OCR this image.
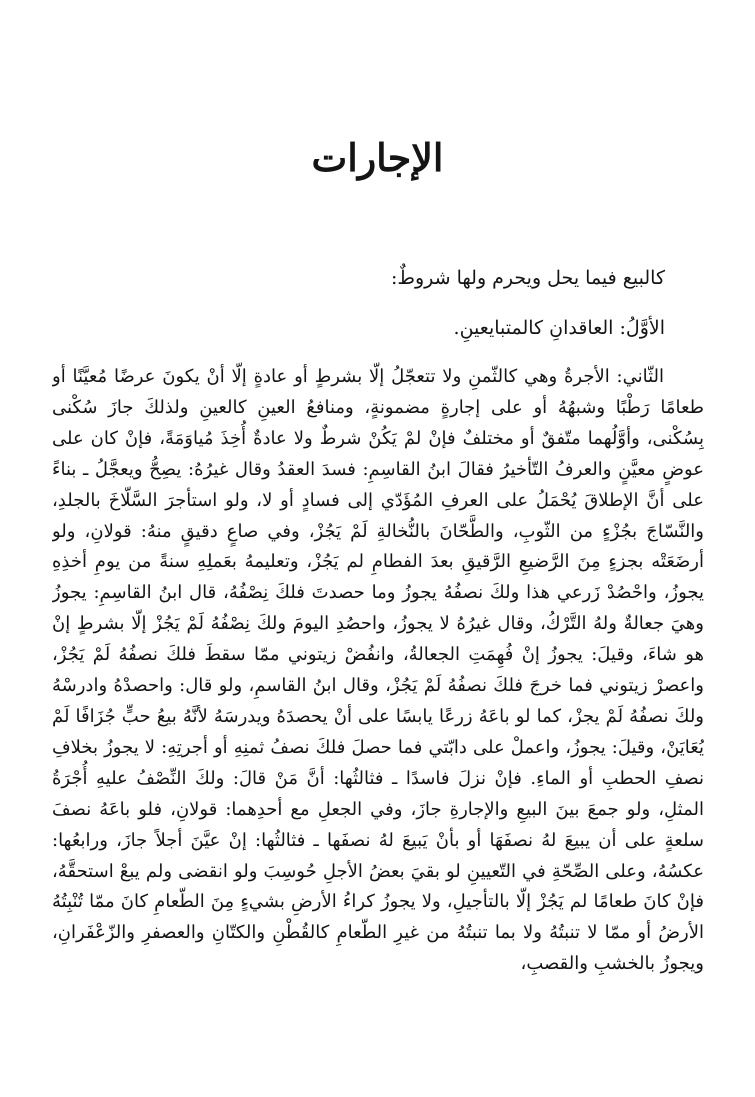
الإجارات

كالبيع فيما يحل ويحرم ولها شروطٌ:

الأوَّلُ: العاقدانِ كالمتبايعينِ.

الثّاني: الأجرةُ وهي كالثّمنِ ولا تتعجّلُ إلّا بشرطٍ أو عادةٍ إلّا أنْ يكونَ عرضًا مُعيَّنًا أو طعامًا رَطْبًا وشبهُهُ أو على إجارةٍ مضمونةٍ، ومنافعُ العينِ كالعينِ ولذلكَ جازَ سُكْنى بِسُكْنى، وأوَّلُهما متّفقٌ أو مختلفٌ فإنْ لمْ يَكُنْ شرطٌ ولا عادةٌ أُخِذَ مُياوَمَةً، فإنْ كان على عوضٍ معيَّنٍ والعرفُ التّأخيرُ فقالَ ابنُ القاسِمِ: فسدَ العقدُ وقال غيرُهُ: يصِحُّ ويعجَّلُ ـ بناءً على أنَّ الإطلاقَ يُحْمَلُ على العرفِ المُؤَدّي إلى فسادٍ أو لا، ولو استأجرَ السَّلّاخَ بالجلدِ، والنَّسّاجَ بجُزْءٍ من الثّوبِ، والطَّحّانَ بالنُّخالةِ لَمْ يَجُزْ، وفي صاعٍ دقيقٍ منهُ: قولانِ، ولو أرضَعَتْه بجزءٍ مِنَ الرَّضيعِ الرَّقيقِ بعدَ الفطامِ لم يَجُزْ، وتعليمهُ بعَملِهِ سنةً من يومِ أخذِهِ يجوزُ، واحْصُدْ زَرعي هذا ولكَ نصفُهُ يجوزُ وما حصدتَ فلكَ نِصْفُهُ، قال ابنُ القاسِمِ: يجوزُ وهيَ جعالةٌ ولهُ التَّرْكُ، وقال غيرُهُ لا يجوزُ، واحصُدِ اليومَ ولكَ نِصْفُهُ لَمْ يَجُزْ إلّا بشرطٍ إنْ هو شاءَ، وقيلَ: يجوزُ إنْ فُهِمَتِ الجعالةُ، وانفُضْ زيتوني ممّا سقطَ فلكَ نصفُهُ لَمْ يَجُزْ، واعصرْ زيتوني فما خرجَ فلكَ نصفُهُ لَمْ يَجُزْ، وقال ابنُ القاسمِ، ولو قال: واحصدْهُ وادرسْهُ ولكَ نصفُهُ لَمْ يجزْ، كما لو باعَهُ زرعًا يابسًا على أنْ يحصدَهُ ويدرسَهُ لأنَّهُ بيعُ حبٍّ جُزَافًا لَمْ يُعَايَنْ، وقيلَ: يجوزُ، واعملْ على دابّتي فما حصلَ فلكَ نصفُ ثمنِهِ أو أجرتِهِ: لا يجوزُ بخلافِ نصفِ الحطبِ أو الماءِ. فإنْ نزلَ فاسدًا ـ فثالثُها: أنَّ مَنْ قالَ: ولكَ النِّصْفُ عليهِ أُجْرَةُ المثلِ، ولو جمعَ بينَ البيعِ والإجارةِ جازَ، وفي الجعلِ مع أحدِهما: قولانِ، فلو باعَهُ نصفَ سلعةٍ على أن يبيعَ لهُ نصفَهَا أو بأنْ يَبيعَ لهُ نصفَها ـ فثالثُها: إنْ عيَّنَ أجلاً جازَ، ورابعُها: عكسُهُ، وعلى الصِّحّةِ في التّعيينِ لو بقيَ بعضُ الأجلِ حُوسِبَ ولو انقضى ولم يبعْ استحقَّهُ، فإنْ كانَ طعامًا لم يَجُزْ إلّا بالتأجيلِ، ولا يجوزُ كراءُ الأرضِ بشيءٍ مِنَ الطّعامِ كانَ ممّا تُنْبِتُهُ الأرضُ أو ممّا لا تنبتُهُ ولا بما تنبتُهُ من غيرِ الطّعامِ كالقُطْنِ والكتّانِ والعصفرِ والزّعْفَرانِ، ويجوزُ بالخشبِ والقصبِ،
